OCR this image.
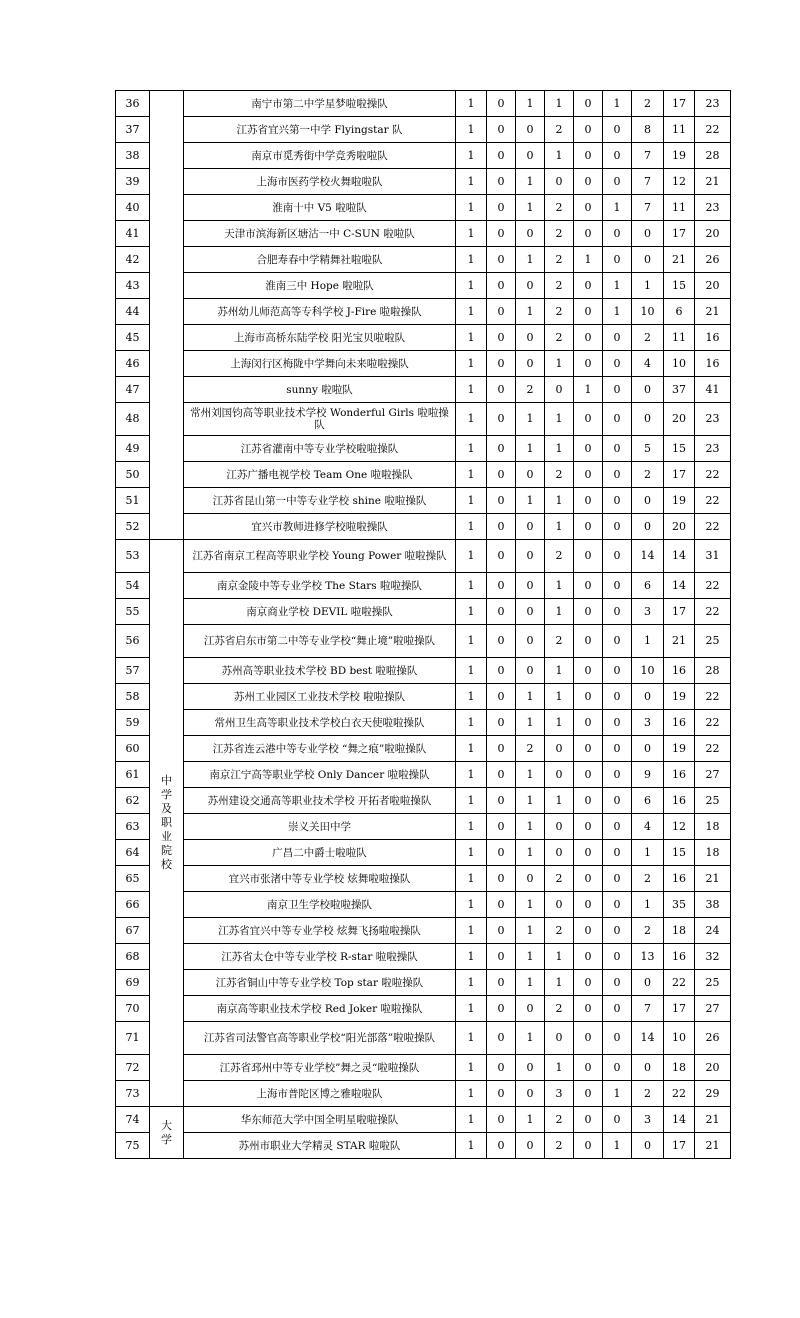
36		南宁市第二中学星梦啦啦操队	1	0	1	1	0	1	2	17	23
37		江苏省宜兴第一中学 Flyingstar 队	1	0	0	2	0	0	8	11	22
38		南京市觅秀街中学竞秀啦啦队	1	0	0	1	0	0	7	19	28
39		上海市医药学校火舞啦啦队	1	0	1	0	0	0	7	12	21
40		淮南十中 V5 啦啦队	1	0	1	2	0	1	7	11	23
41		天津市滨海新区塘沽一中 C-SUN 啦啦队	1	0	0	2	0	0	0	17	20
42		合肥寿春中学精舞社啦啦队	1	0	1	2	1	0	0	21	26
43		淮南三中 Hope 啦啦队	1	0	0	2	0	1	1	15	20
44		苏州幼儿师范高等专科学校 J-Fire 啦啦操队	1	0	1	2	0	1	10	6	21
45		上海市高桥东陆学校 阳光宝贝啦啦队	1	0	0	2	0	0	2	11	16
46		上海闵行区梅陇中学舞向未来啦啦操队	1	0	0	1	0	0	4	10	16
47		sunny 啦啦队	1	0	2	0	1	0	0	37	41
48		常州刘国钧高等职业技术学校 Wonderful Girls 啦啦操队	1	0	1	1	0	0	0	20	23
49		江苏省灌南中等专业学校啦啦操队	1	0	1	1	0	0	5	15	23
50		江苏广播电视学校 Team One 啦啦操队	1	0	0	2	0	0	2	17	22
51		江苏省昆山第一中等专业学校 shine 啦啦操队	1	0	1	1	0	0	0	19	22
52		宜兴市教师进修学校啦啦操队	1	0	0	1	0	0	0	20	22
53	中学及职业院校	江苏省南京工程高等职业学校 Young Power 啦啦操队	1	0	0	2	0	0	14	14	31
54		南京金陵中等专业学校 The Stars 啦啦操队	1	0	0	1	0	0	6	14	22
55		南京商业学校 DEVIL 啦啦操队	1	0	0	1	0	0	3	17	22
56		江苏省启东市第二中等专业学校“舞止境”啦啦操队	1	0	0	2	0	0	1	21	25
57		苏州高等职业技术学校 BD best 啦啦操队	1	0	0	1	0	0	10	16	28
58		苏州工业园区工业技术学校 啦啦操队	1	0	1	1	0	0	0	19	22
59		常州卫生高等职业技术学校白衣天使啦啦操队	1	0	1	1	0	0	3	16	22
60		江苏省连云港中等专业学校 “舞之痕”啦啦操队	1	0	2	0	0	0	0	19	22
61		南京江宁高等职业学校 Only Dancer 啦啦操队	1	0	1	0	0	0	9	16	27
62		苏州建设交通高等职业技术学校 开拓者啦啦操队	1	0	1	1	0	0	6	16	25
63		崇义关田中学	1	0	1	0	0	0	4	12	18
64		广昌二中爵士啦啦队	1	0	1	0	0	0	1	15	18
65		宜兴市张渚中等专业学校 炫舞啦啦操队	1	0	0	2	0	0	2	16	21
66		南京卫生学校啦啦操队	1	0	1	0	0	0	1	35	38
67		江苏省宜兴中等专业学校 炫舞飞扬啦啦操队	1	0	1	2	0	0	2	18	24
68		江苏省太仓中等专业学校 R-star 啦啦操队	1	0	1	1	0	0	13	16	32
69		江苏省铜山中等专业学校 Top star 啦啦操队	1	0	1	1	0	0	0	22	25
70		南京高等职业技术学校 Red Joker 啦啦操队	1	0	0	2	0	0	7	17	27
71		江苏省司法警官高等职业学校“阳光部落”啦啦操队	1	0	1	0	0	0	14	10	26
72		江苏省邳州中等专业学校”舞之灵“啦啦操队	1	0	0	1	0	0	0	18	20
73		上海市普陀区博之雅啦啦队	1	0	0	3	0	1	2	22	29
74	大学	华东师范大学中国全明星啦啦操队	1	0	1	2	0	0	3	14	21
75		苏州市职业大学精灵 STAR 啦啦队	1	0	0	2	0	1	0	17	21
